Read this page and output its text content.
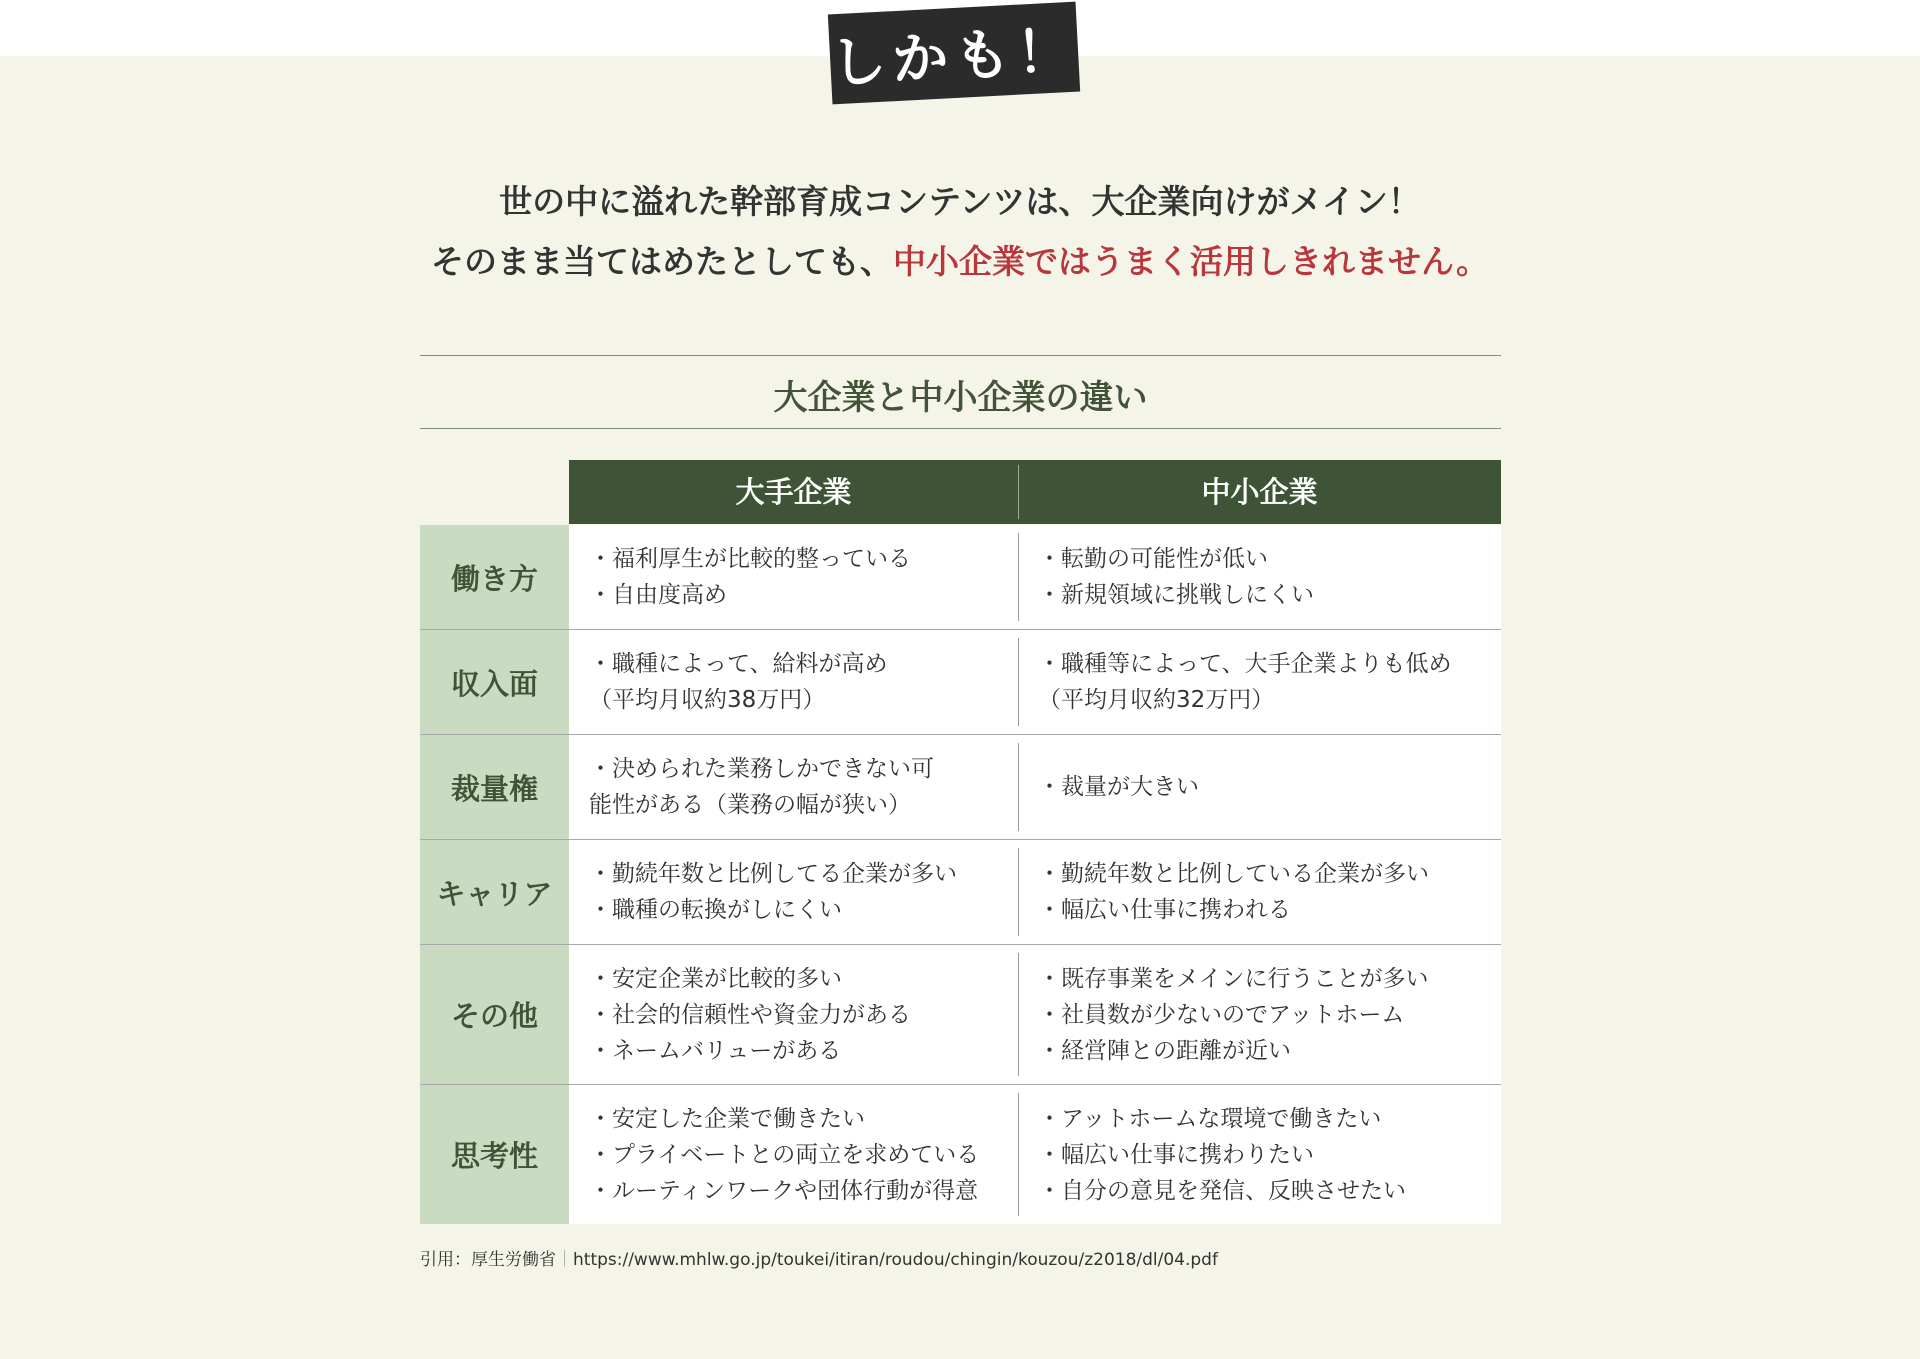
しかも！
世の中に溢れた幹部育成コンテンツは、大企業向けがメイン！
そのまま当てはめたとしても、中小企業ではうまく活用しきれません。
大企業と中小企業の違い
大手企業	中小企業
働き方
・福利厚生が比較的整っている
・自由度高め
・転勤の可能性が低い
・新規領域に挑戦しにくい
収入面
・職種によって、給料が高め
（平均月収約38万円）
・職種等によって、大手企業よりも低め
（平均月収約32万円）
裁量権
・決められた業務しかできない可
能性がある（業務の幅が狭い）
・裁量が大きい
キャリア
・勤続年数と比例してる企業が多い
・職種の転換がしにくい
・勤続年数と比例している企業が多い
・幅広い仕事に携われる
その他
・安定企業が比較的多い
・社会的信頼性や資金力がある
・ネームバリューがある
・既存事業をメインに行うことが多い
・社員数が少ないのでアットホーム
・経営陣との距離が近い
思考性
・安定した企業で働きたい
・プライベートとの両立を求めている
・ルーティンワークや団体行動が得意
・アットホームな環境で働きたい
・幅広い仕事に携わりたい
・自分の意見を発信、反映させたい
引用：厚生労働省｜https://www.mhlw.go.jp/toukei/itiran/roudou/chingin/kouzou/z2018/dl/04.pdf
